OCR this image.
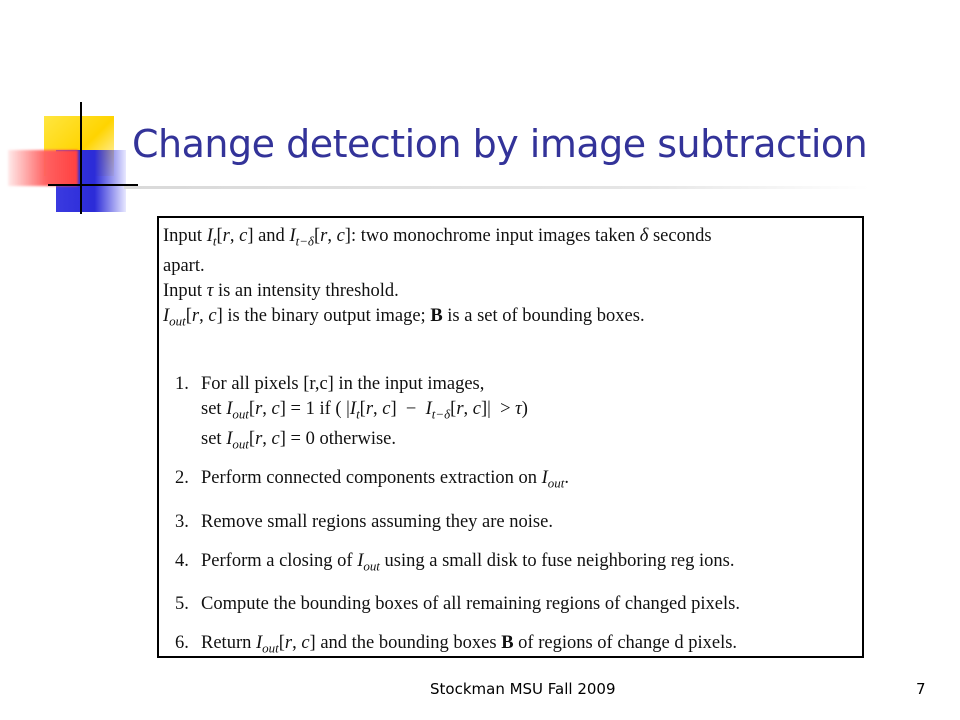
Change detection by image subtraction

Input $I_t[r$, c] and $I_{t-\delta}[r$, c]: two monochrome input images taken δ seconds

apart.

Input τ is an intensity threshold.

$I_{out}[r$, c] is the binary output image; B is a set of bounding boxes.

1. For all pixels [r,c] in the input images,
set $I_{out}[r$, c] = 1 if ( $|I_t[r$, $c] - I_{t-\delta}[r$, c]|  > τ)
set $I_{out}[r$, c] = 0 otherwise.
2. Perform connected components extraction on $I_{out}$.
3. Remove small regions assuming they are noise.
4. Perform a closing of $I_{out}$ using a small disk to fuse neighboring reg ions.
5. Compute the bounding boxes of all remaining regions of changed pixels.
6. Return $I_{out}[r$, c] and the bounding boxes B of regions of change d pixels.
Stockman MSU Fall 2009	7
